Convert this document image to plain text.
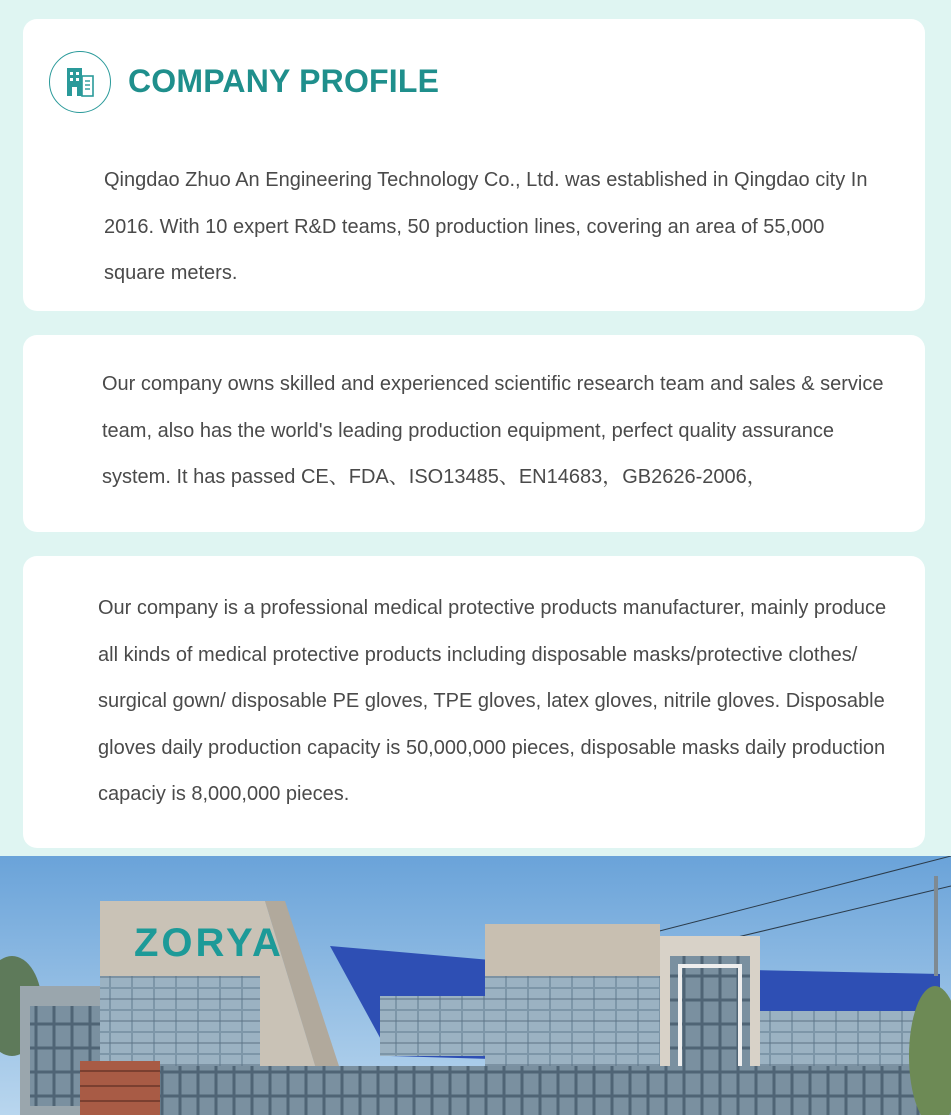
COMPANY PROFILE

Qingdao Zhuo An Engineering Technology Co., Ltd. was established in Qingdao city In 2016. With 10 expert R&D teams, 50 production lines, covering an area of 55,000 square meters.

Our company owns skilled and experienced scientific research team and sales & service team, also has the world's leading production equipment, perfect quality assurance system. It has passed CE、FDA、ISO13485、EN14683，GB2626-2006，

Our company is a professional medical protective products manufacturer, mainly produce all kinds of medical protective products including disposable masks/protective clothes/ surgical gown/ disposable PE gloves, TPE gloves, latex gloves, nitrile gloves. Disposable gloves daily production capacity is 50,000,000 pieces, disposable masks daily production capaciy is 8,000,000 pieces.

ZORYA
